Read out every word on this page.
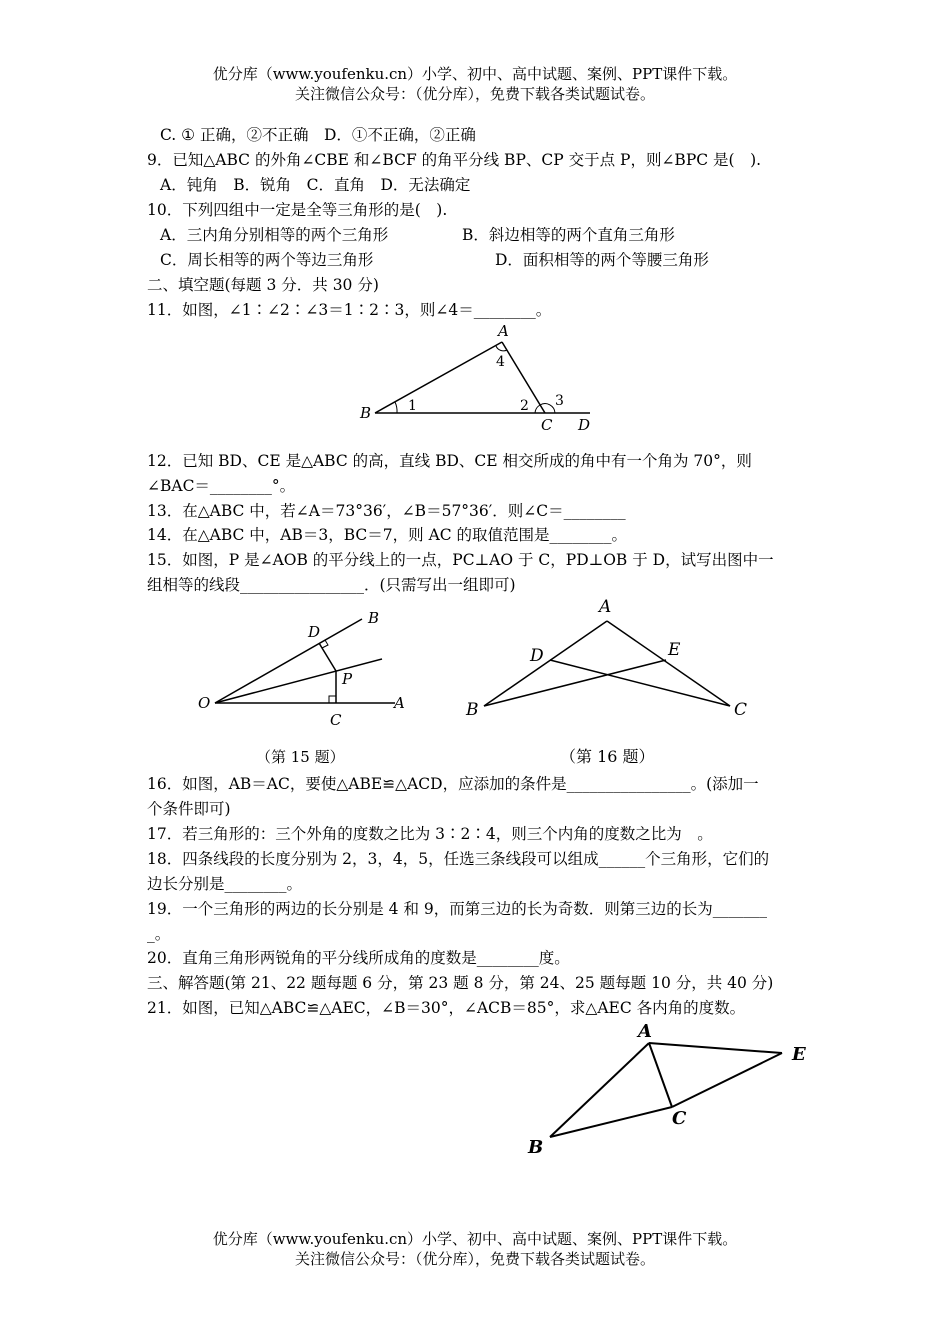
优分库（www.youfenku.cn）小学、初中、高中试题、案例、PPT课件下载。
关注微信公众号：（优分库），免费下载各类试题试卷。
C. ① 正确，②不正确　D．①不正确，②正确
9．已知△ABC 的外角∠CBE 和∠BCF 的角平分线 BP、CP 交于点 P，则∠BPC 是(　).
A．钝角　B．锐角　C．直角　D．无法确定
10．下列四组中一定是全等三角形的是(　).
A．三内角分别相等的两个三角形	B．斜边相等的两个直角三角形
C．周长相等的两个等边三角形	D．面积相等的两个等腰三角形
二、填空题(每题 3 分．共 30 分)
11．如图，∠1∶∠2∶∠3＝1∶2∶3，则∠4＝________。
A
B
C D
1	2 3
4
12．已知 BD、CE 是△ABC 的高，直线 BD、CE 相交所成的角中有一个角为 70°，则
∠BAC＝________°。
13．在△ABC 中，若∠A＝73°36′，∠B＝57°36′．则∠C＝________
14．在△ABC 中，AB＝3，BC＝7，则 AC 的取值范围是________。
15．如图，P 是∠AOB 的平分线上的一点，PC⊥AO 于 C，PD⊥OB 于 D，试写出图中一
组相等的线段________________．(只需写出一组即可)
O	A
B
C
D
P
（第 15 题）
A
B	C
D	E
（第 16 题）
16．如图，AB＝AC，要使△ABE≌△ACD，应添加的条件是________________。(添加一
个条件即可)
17．若三角形的：三个外角的度数之比为 3∶2∶4，则三个内角的度数之比为　。
18．四条线段的长度分别为 2，3，4，5，任选三条线段可以组成______个三角形，它们的
边长分别是________。
19．一个三角形的两边的长分别是 4 和 9，而第三边的长为奇数．则第三边的长为_______
_。
20．直角三角形两锐角的平分线所成角的度数是________度。
三、解答题(第 21、22 题每题 6 分，第 23 题 8 分，第 24、25 题每题 10 分，共 40 分)
21．如图，已知△ABC≌△AEC，∠B＝30°，∠ACB＝85°，求△AEC 各内角的度数。
A
B
C
E
优分库（www.youfenku.cn）小学、初中、高中试题、案例、PPT课件下载。
关注微信公众号：（优分库），免费下载各类试题试卷。
